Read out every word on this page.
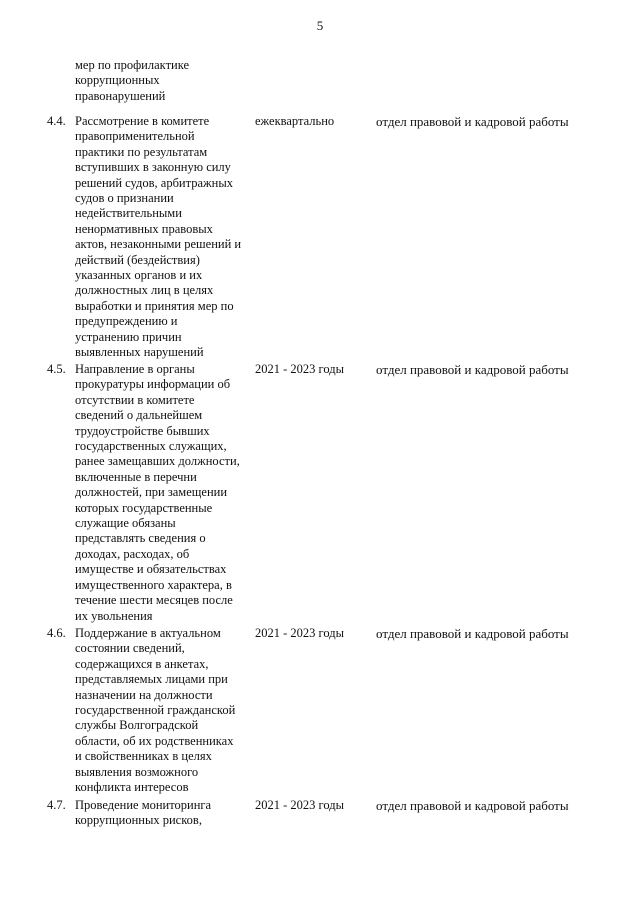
5
мер по профилактике
коррупционных
правонарушений
4.4. Рассмотрение в комитете
правоприменительной
практики по результатам
вступивших в законную силу
решений судов, арбитражных
судов о признании
недействительными
ненормативных правовых
актов, незаконными решений и
действий (бездействия)
указанных органов и их
должностных лиц в целях
выработки и принятия мер по
предупреждению и
устранению причин
выявленных нарушений
ежеквартально	отдел правовой и кадровой работы
4.5. Направление в органы
прокуратуры информации об
отсутствии в комитете
сведений о дальнейшем
трудоустройстве бывших
государственных служащих,
ранее замещавших должности,
включенные в перечни
должностей, при замещении
которых государственные
служащие обязаны
представлять сведения о
доходах, расходах, об
имуществе и обязательствах
имущественного характера, в
течение шести месяцев после
их увольнения
2021 - 2023 годы отдел правовой и кадровой работы
4.6. Поддержание в актуальном
состоянии сведений,
содержащихся в анкетах,
представляемых лицами при
назначении на должности
государственной гражданской
службы Волгоградской
области, об их родственниках
и свойственниках в целях
выявления возможного
конфликта интересов
2021 - 2023 годы отдел правовой и кадровой работы
4.7. Проведение мониторинга
коррупционных рисков,
2021 - 2023 годы отдел правовой и кадровой работы
